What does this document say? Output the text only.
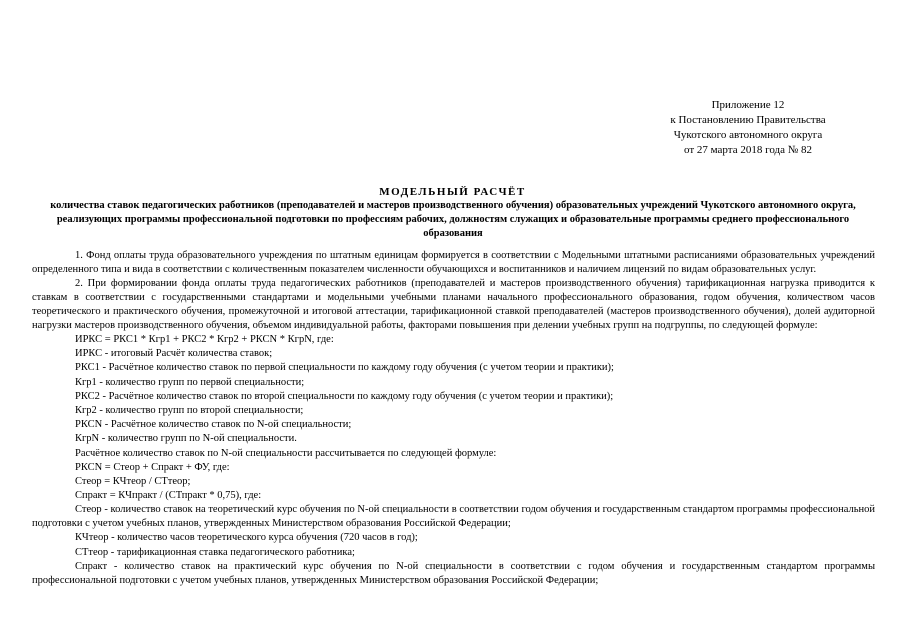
Приложение 12
к Постановлению Правительства
Чукотского автономного округа
от 27 марта 2018 года № 82
МОДЕЛЬНЫЙ РАСЧЁТ
количества ставок педагогических работников (преподавателей и мастеров производственного обучения) образовательных учреждений Чукотского автономного округа, реализующих программы профессиональной подготовки по профессиям рабочих, должностям служащих и образовательные программы среднего профессионального образования
1. Фонд оплаты труда образовательного учреждения по штатным единицам формируется в соответствии с Модельными штатными расписаниями образовательных учреждений определенного типа и вида в соответствии с количественным показателем численности обучающихся и воспитанников и наличием лицензий по видам образовательных услуг.
2. При формировании фонда оплаты труда педагогических работников (преподавателей и мастеров производственного обучения) тарификационная нагрузка приводится к ставкам в соответствии с государственными стандартами и модельными учебными планами начального профессионального образования, годом обучения, количеством часов теоретического и практического обучения, промежуточной и итоговой аттестации, тарификационной ставкой преподавателей (мастеров производственного обучения), долей аудиторной нагрузки мастеров производственного обучения, объемом индивидуальной работы, факторами повышения при делении учебных групп на подгруппы, по следующей формуле:
ИРКС = РКС1 * Кгр1 + РКС2 * Кгр2 + РКСN * КгрN, где:
ИРКС - итоговый Расчёт количества ставок;
РКС1 - Расчётное количество ставок по первой специальности по каждому году обучения (с учетом теории и практики);
Кгр1 - количество групп по первой специальности;
РКС2 - Расчётное количество ставок по второй специальности по каждому году обучения (с учетом теории и практики);
Кгр2 - количество групп по второй специальности;
РКСN - Расчётное количество ставок по N-ой специальности;
КгрN - количество групп по N-ой специальности.
Расчётное количество ставок по N-ой специальности рассчитывается по следующей формуле:
РКСN = Стеор + Спракт + ФУ, где:
Стеор = КЧтеор / СТтеор;
Спракт = КЧпракт / (СТпракт * 0,75), где:
Стеор - количество ставок на теоретический курс обучения по N-ой специальности в соответствии годом обучения и государственным стандартом программы профессиональной подготовки с учетом учебных планов, утвержденных Министерством образования Российской Федерации;
КЧтеор - количество часов теоретического курса обучения (720 часов в год);
СТтеор - тарификационная ставка педагогического работника;
Спракт - количество ставок на практический курс обучения по N-ой специальности в соответствии с годом обучения и государственным стандартом программы профессиональной подготовки с учетом учебных планов, утвержденных Министерством образования Российской Федерации;
